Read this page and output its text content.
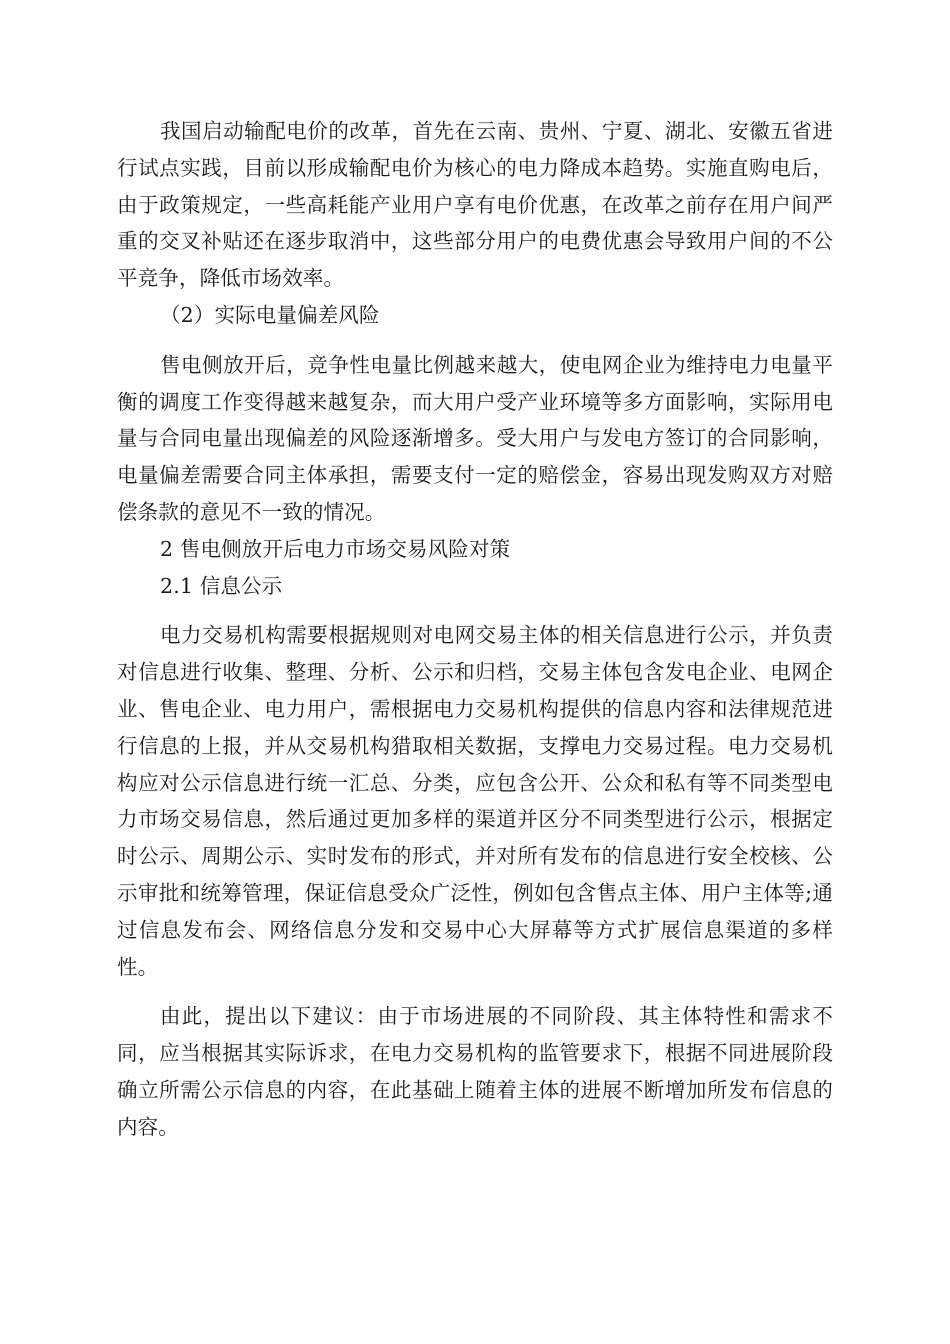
我国启动输配电价的改革，首先在云南、贵州、宁夏、湖北、安徽五省进行试点实践，目前以形成输配电价为核心的电力降成本趋势。实施直购电后，由于政策规定，一些高耗能产业用户享有电价优惠，在改革之前存在用户间严重的交叉补贴还在逐步取消中，这些部分用户的电费优惠会导致用户间的不公平竞争，降低市场效率。

（2）实际电量偏差风险

售电侧放开后，竞争性电量比例越来越大，使电网企业为维持电力电量平衡的调度工作变得越来越复杂，而大用户受产业环境等多方面影响，实际用电量与合同电量出现偏差的风险逐渐增多。受大用户与发电方签订的合同影响，电量偏差需要合同主体承担，需要支付一定的赔偿金，容易出现发购双方对赔偿条款的意见不一致的情况。

2 售电侧放开后电力市场交易风险对策

2.1 信息公示

电力交易机构需要根据规则对电网交易主体的相关信息进行公示，并负责对信息进行收集、整理、分析、公示和归档，交易主体包含发电企业、电网企业、售电企业、电力用户，需根据电力交易机构提供的信息内容和法律规范进行信息的上报，并从交易机构猎取相关数据，支撑电力交易过程。电力交易机构应对公示信息进行统一汇总、分类，应包含公开、公众和私有等不同类型电力市场交易信息，然后通过更加多样的渠道并区分不同类型进行公示，根据定时公示、周期公示、实时发布的形式，并对所有发布的信息进行安全校核、公示审批和统筹管理，保证信息受众广泛性，例如包含售点主体、用户主体等;通过信息发布会、网络信息分发和交易中心大屏幕等方式扩展信息渠道的多样性。

由此，提出以下建议：由于市场进展的不同阶段、其主体特性和需求不同，应当根据其实际诉求，在电力交易机构的监管要求下，根据不同进展阶段确立所需公示信息的内容，在此基础上随着主体的进展不断增加所发布信息的内容。
